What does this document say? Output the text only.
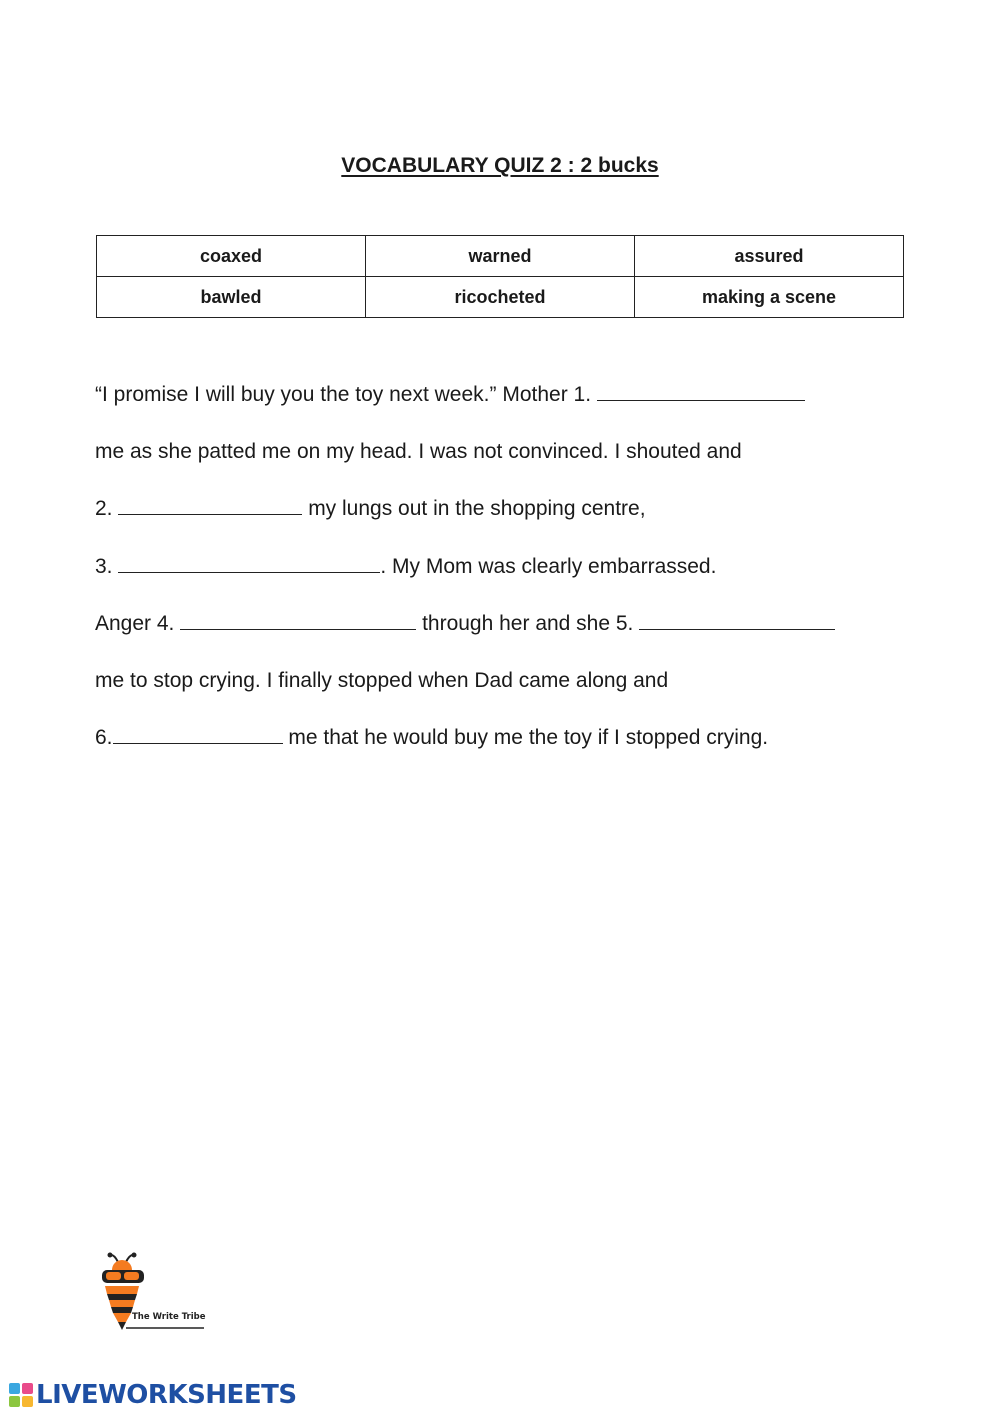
VOCABULARY QUIZ 2 : 2 bucks
coaxed	warned	assured
bawled	ricocheted	making a scene
“I promise I will buy you the toy next week.” Mother 1.
me as she patted me on my head. I was not convinced. I shouted and
2.	my lungs out in the shopping centre,
3.	. My Mom was clearly embarrassed.
Anger 4.	through her and she 5.
me to stop crying. I finally stopped when Dad came along and
6.	me that he would buy me the toy if I stopped crying.
The Write Tribe
LIVEWORKSHEETS
